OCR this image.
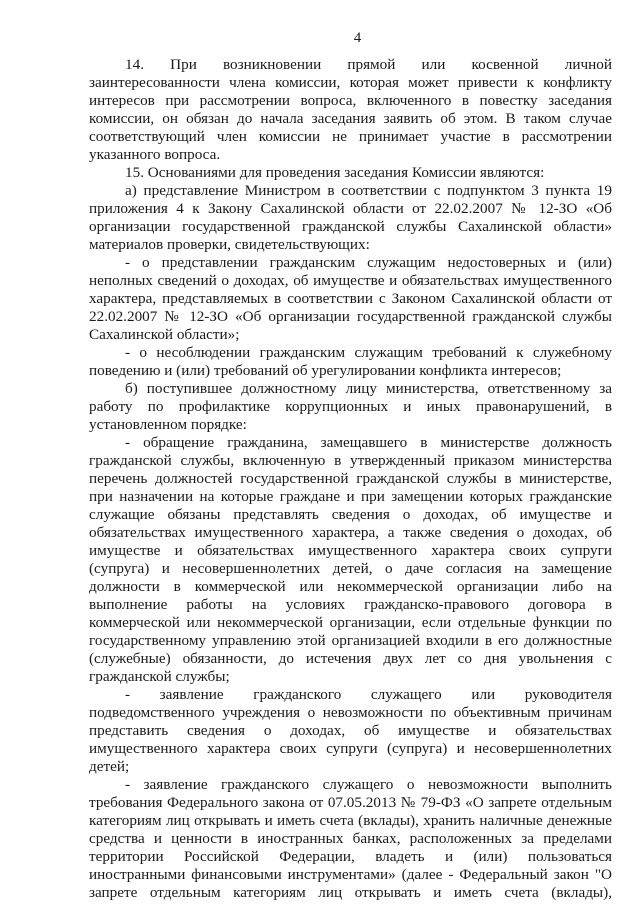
4

14. При возникновении прямой или косвенной личной заинтересованности члена комиссии, которая может привести к конфликту интересов при рассмотрении вопроса, включенного в повестку заседания комиссии, он обязан до начала заседания заявить об этом. В таком случае соответствующий член комиссии не принимает участие в рассмотрении указанного вопроса.

15. Основаниями для проведения заседания Комиссии являются:

а) представление Министром в соответствии с подпунктом 3 пункта 19 приложения 4 к Закону Сахалинской области от 22.02.2007 № 12-ЗО «Об организации государственной гражданской службы Сахалинской области» материалов проверки, свидетельствующих:

- о представлении гражданским служащим недостоверных и (или) неполных сведений о доходах, об имуществе и обязательствах имущественного характера, представляемых в соответствии с Законом Сахалинской области от 22.02.2007 № 12-ЗО «Об организации государственной гражданской службы Сахалинской области»;

- о несоблюдении гражданским служащим требований к служебному поведению и (или) требований об урегулировании конфликта интересов;

б) поступившее должностному лицу министерства, ответственному за работу по профилактике коррупционных и иных правонарушений, в установленном порядке:

- обращение гражданина, замещавшего в министерстве должность гражданской службы, включенную в утвержденный приказом министерства перечень должностей государственной гражданской службы в министерстве, при назначении на которые граждане и при замещении которых гражданские служащие обязаны представлять сведения о доходах, об имуществе и обязательствах имущественного характера, а также сведения о доходах, об имуществе и обязательствах имущественного характера своих супруги (супруга) и несовершеннолетних детей, о даче согласия на замещение должности в коммерческой или некоммерческой организации либо на выполнение работы на условиях гражданско-правового договора в коммерческой или некоммерческой организации, если отдельные функции по государственному управлению этой организацией входили в его должностные (служебные) обязанности, до истечения двух лет со дня увольнения с гражданской службы;

- заявление гражданского служащего или руководителя подведомственного учреждения о невозможности по объективным причинам представить сведения о доходах, об имуществе и обязательствах имущественного характера своих супруги (супруга) и несовершеннолетних детей;

- заявление гражданского служащего о невозможности выполнить требования Федерального закона от 07.05.2013 № 79-ФЗ «О запрете отдельным категориям лиц открывать и иметь счета (вклады), хранить наличные денежные средства и ценности в иностранных банках, расположенных за пределами территории Российской Федерации, владеть и (или) пользоваться иностранными финансовыми инструментами» (далее - Федеральный закон "О запрете отдельным категориям лиц открывать и иметь счета (вклады),
